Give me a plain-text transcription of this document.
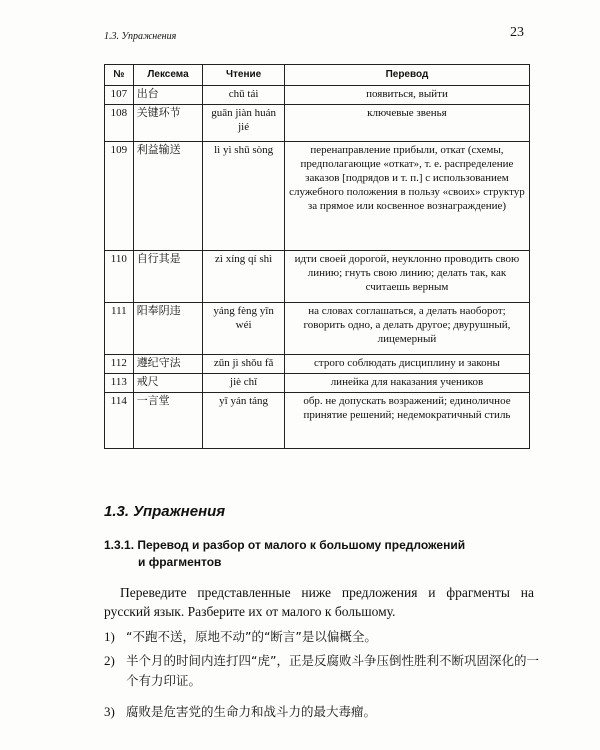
1.3. Упражнения	23
№	Лексема	Чтение	Перевод
107	出台	chū tái	появиться, выйти
108	关键环节	guān jiàn huán jié	ключевые звенья
109	利益输送	lì yì shū sòng	перенаправление прибыли, откат (схемы, предполагающие «откат», т. е. распределение заказов [подрядов и т. п.] с использованием служебного положения в пользу «своих» структур за прямое или косвенное вознаграждение)
110	自行其是	zì xíng qí shì	идти своей дорогой, неуклонно проводить свою линию; гнуть свою линию; делать так, как считаешь верным
111	阳奉阴违	yáng fèng yīn wéi	на словах соглашаться, а делать наоборот; говорить одно, а делать другое; двурушный, лицемерный
112	遵纪守法	zūn jì shǒu fǎ	строго соблюдать дисциплину и законы
113	戒尺	jiè chǐ	линейка для наказания учеников
114	一言堂	yī yán táng	обр. не допускать возражений; единоличное принятие решений; недемократичный стиль
1.3. Упражнения
1.3.1. Перевод и разбор от малого к большому предложений
и фрагментов
Переведите представленные ниже предложения и фрагменты на русский язык. Разберите их от малого к большому.
1) “不跑不送，原地不动”的“断言”是以偏概全。
2) 半个月的时间内连打四“虎”，正是反腐败斗争压倒性胜利不断巩固深化的一个有力印证。
3) 腐败是危害党的生命力和战斗力的最大毒瘤。
